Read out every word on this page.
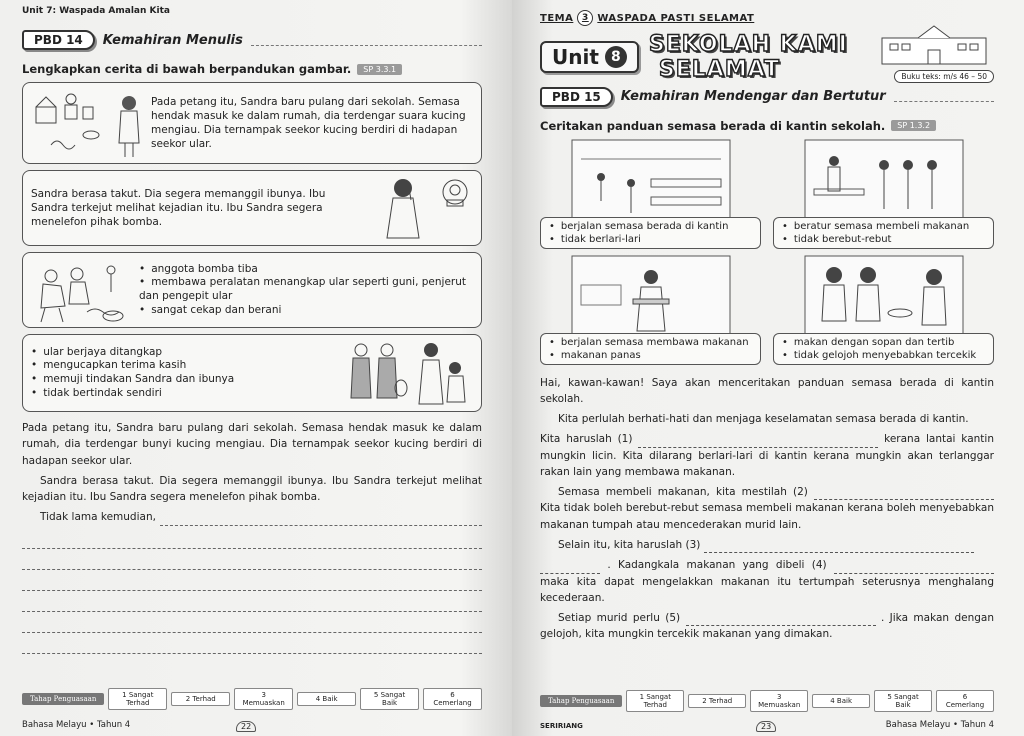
Unit 7: Waspada Amalan Kita
PBD 14	Kemahiran Menulis
Lengkapkan cerita di bawah berpandukan gambar.	SP 3.3.1
Pada petang itu, Sandra baru pulang dari sekolah. Semasa hendak masuk ke dalam rumah, dia terdengar suara kucing mengiau. Dia ternampak seekor kucing berdiri di hadapan seekor ular.
Sandra berasa takut. Dia segera memanggil ibunya. Ibu Sandra terkejut melihat kejadian itu. Ibu Sandra segera menelefon pihak bomba.
• anggota bomba tiba
• membawa peralatan menangkap ular seperti guni, penjerut dan pengepit ular
• sangat cekap dan berani
• ular berjaya ditangkap
• mengucapkan terima kasih
• memuji tindakan Sandra dan ibunya
• tidak bertindak sendiri

Pada petang itu, Sandra baru pulang dari sekolah. Semasa hendak masuk ke dalam rumah, dia terdengar bunyi kucing mengiau. Dia ternampak seekor kucing berdiri di hadapan seekor ular.

Sandra berasa takut. Dia segera memanggil ibunya. Ibu Sandra terkejut melihat kejadian itu. Ibu Sandra segera menelefon pihak bomba.

Tidak lama kemudian,

Tahap Penguasaan	1 Sangat Terhad	2 Terhad	3 Memuaskan	4 Baik	5 Sangat Baik
6 Cemerlang
Bahasa Melayu • Tahun 4	22
TEMA 3 WASPADA PASTI SELAMAT
Unit 8
SEKOLAH KAMI
SELAMAT	Buku teks: m/s 46 – 50
PBD 15	Kemahiran Mendengar dan Bertutur
Ceritakan panduan semasa berada di kantin sekolah.	SP 1.3.2
• berjalan semasa berada di kantin
• tidak berlari-lari
• beratur semasa membeli makanan
• tidak berebut-rebut
• berjalan semasa membawa makanan
• makanan panas
• makan dengan sopan dan tertib
• tidak gelojoh menyebabkan tercekik

Hai, kawan-kawan! Saya akan menceritakan panduan semasa berada di kantin sekolah.

Kita perlulah berhati-hati dan menjaga keselamatan semasa berada di kantin.

Kita haruslah (1)	kerana lantai kantin mungkin licin. Kita dilarang berlari-lari di kantin kerana mungkin akan terlanggar rakan lain yang membawa makanan.

Semasa membeli makanan, kita mestilah (2)  Kita tidak boleh berebut-rebut semasa membeli makanan kerana boleh menyebabkan makanan tumpah atau mencederakan murid lain.

Selain itu, kita haruslah (3)

. Kadangkala makanan yang dibeli (4)  maka kita dapat mengelakkan makanan itu tertumpah seterusnya menghalang kecederaan.

Setiap murid perlu (5)	. Jika makan dengan gelojoh, kita mungkin tercekik makanan yang dimakan.

Tahap Penguasaan	1 Sangat Terhad	2 Terhad	3 Memuaskan	4 Baik	5 Sangat Baik
6 Cemerlang
SERIRIANG	23	Bahasa Melayu • Tahun 4
